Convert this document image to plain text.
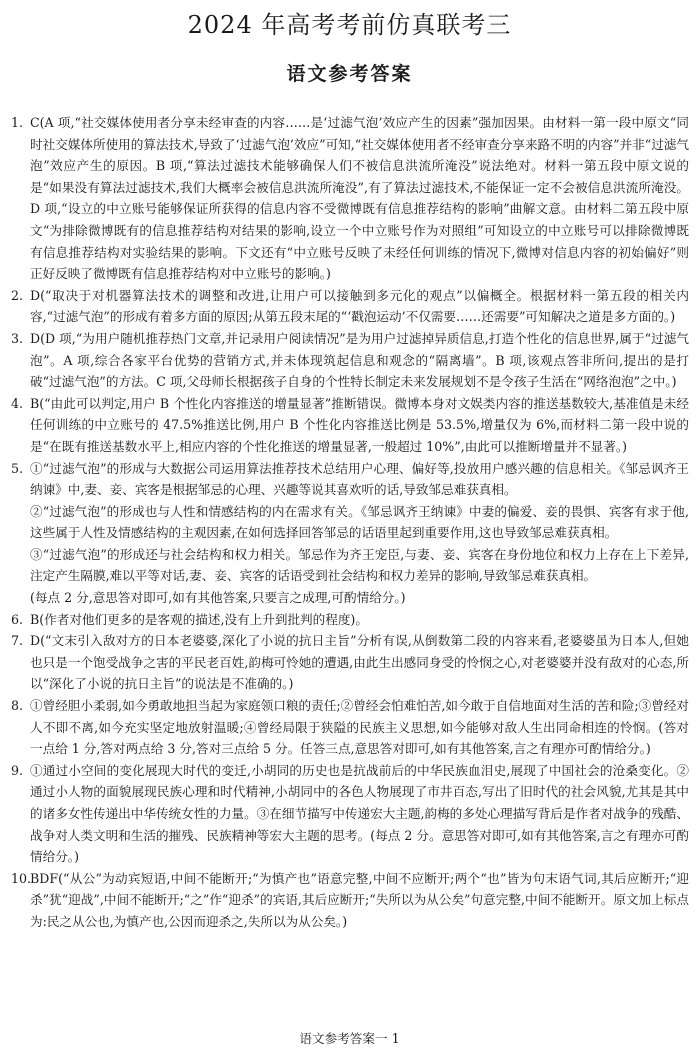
2024 年高考考前仿真联考三
语文参考答案
1. C(A 项,“社交媒体使用者分享未经审查的内容……是‘过滤气泡’效应产生的因素”强加因果。由材料一第一段中原文“同时社交媒体所使用的算法技术,导致了‘过滤气泡’效应”可知,“社交媒体使用者不经审查分享来路不明的内容”并非“过滤气泡”效应产生的原因。B 项,“算法过滤技术能够确保人们不被信息洪流所淹没”说法绝对。材料一第五段中原文说的是“如果没有算法过滤技术,我们大概率会被信息洪流所淹没”,有了算法过滤技术,不能保证一定不会被信息洪流所淹没。D 项,“设立的中立账号能够保证所获得的信息内容不受微博既有信息推荐结构的影响”曲解文意。由材料二第五段中原文“为排除微博既有的信息推荐结构对结果的影响,设立一个中立账号作为对照组”可知设立的中立账号可以排除微博既有信息推荐结构对实验结果的影响。下文还有“中立账号反映了未经任何训练的情况下,微博对信息内容的初始偏好”则正好反映了微博既有信息推荐结构对中立账号的影响。)

2. D(“取决于对机器算法技术的调整和改进,让用户可以接触到多元化的观点”以偏概全。根据材料一第五段的相关内容,“过滤气泡”的形成有着多方面的原因;从第五段末尾的“‘戳泡运动’不仅需要……还需要”可知解决之道是多方面的。)

3. D(D 项,“为用户随机推荐热门文章,并记录用户阅读情况”是为用户过滤掉异质信息,打造个性化的信息世界,属于“过滤气泡”。A 项,综合各家平台优势的营销方式,并未体现筑起信息和观念的“隔离墙”。B 项,该观点答非所问,提出的是打破“过滤气泡”的方法。C 项,父母师长根据孩子自身的个性特长制定未来发展规划不是令孩子生活在“网络泡泡”之中。)

4. B(“由此可以判定,用户 B 个性化内容推送的增量显著”推断错误。微博本身对文娱类内容的推送基数较大,基准值是未经任何训练的中立账号的 47.5%推送比例,用户 B 个性化内容推送比例是 53.5%,增量仅为 6%,而材料二第一段中说的是“在既有推送基数水平上,相应内容的个性化推送的增量显著,一般超过 10%”,由此可以推断增量并不显著。)

5. ①“过滤气泡”的形成与大数据公司运用算法推荐技术总结用户心理、偏好等,投放用户感兴趣的信息相关。《邹忌讽齐王纳谏》中,妻、妾、宾客是根据邹忌的心理、兴趣等说其喜欢听的话,导致邹忌难获真相。

②“过滤气泡”的形成也与人性和情感结构的内在需求有关。《邹忌讽齐王纳谏》中妻的偏爱、妾的畏惧、宾客有求于他,这些属于人性及情感结构的主观因素,在如何选择回答邹忌的话语里起到重要作用,这也导致邹忌难获真相。

③“过滤气泡”的形成还与社会结构和权力相关。邹忌作为齐王宠臣,与妻、妾、宾客在身份地位和权力上存在上下差异,注定产生隔膜,难以平等对话,妻、妾、宾客的话语受到社会结构和权力差异的影响,导致邹忌难获真相。

(每点 2 分,意思答对即可,如有其他答案,只要言之成理,可酌情给分。)

6. B(作者对他们更多的是客观的描述,没有上升到批判的程度)。

7. D(“文末引入敌对方的日本老婆婆,深化了小说的抗日主旨”分析有误,从倒数第二段的内容来看,老婆婆虽为日本人,但她也只是一个饱受战争之害的平民老百姓,韵梅可怜她的遭遇,由此生出感同身受的怜悯之心,对老婆婆并没有敌对的心态,所以“深化了小说的抗日主旨”的说法是不准确的。)

8. ①曾经胆小柔弱,如今勇敢地担当起为家庭领口粮的责任;②曾经会怕难怕苦,如今敢于自信地面对生活的苦和险;③曾经对人不即不离,如今充实坚定地放射温暖;④曾经局限于狭隘的民族主义思想,如今能够对敌人生出同命相连的怜悯。(答对一点给 1 分,答对两点给 3 分,答对三点给 5 分。任答三点,意思答对即可,如有其他答案,言之有理亦可酌情给分。)

9. ①通过小空间的变化展现大时代的变迁,小胡同的历史也是抗战前后的中华民族血泪史,展现了中国社会的沧桑变化。②通过小人物的面貌展现民族心理和时代精神,小胡同中的各色人物展现了市井百态,写出了旧时代的社会风貌,尤其是其中的诸多女性传递出中华传统女性的力量。③在细节描写中传递宏大主题,韵梅的多处心理描写背后是作者对战争的残酷、战争对人类文明和生活的摧残、民族精神等宏大主题的思考。(每点 2 分。意思答对即可,如有其他答案,言之有理亦可酌情给分。)

10.

BDF(“从公”为动宾短语,中间不能断开;“为慎产也”语意完整,中间不应断开;两个“也”皆为句末语气词,其后应断开;“迎杀”犹“迎战”,中间不能断开;“之”作“迎杀”的宾语,其后应断开;“失所以为从公矣”句意完整,中间不能断开。原文加上标点为:民之从公也,为慎产也,公因而迎杀之,失所以为从公矣。)

语文参考答案一 1
